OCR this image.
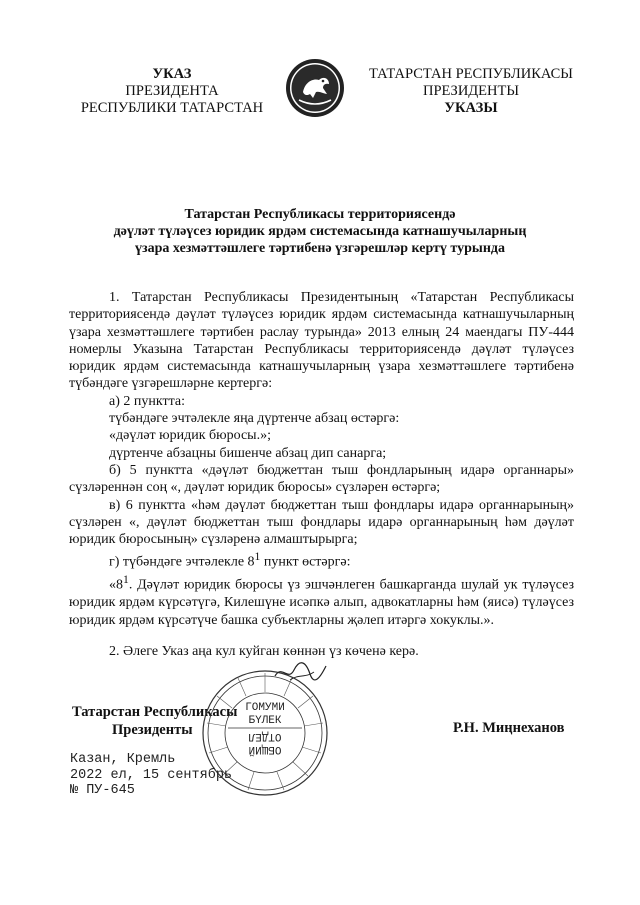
УКАЗ
ПРЕЗИДЕНТА
РЕСПУБЛИКИ ТАТАРСТАН
ТАТАРСТАН РЕСПУБЛИКАСЫ
ПРЕЗИДЕНТЫ
УКАЗЫ
Татарстан Республикасы территориясендә
дәүләт түләүсез юридик ярдәм системасында катнашучыларның
үзара хезмәттәшлеге тәртибенә үзгәрешләр кертү турында

1. Татарстан Республикасы Президентының «Татарстан Республикасы территориясендә дәүләт түләүсез юридик ярдәм системасында катнашучыларның үзара хезмәттәшлеге тәртибен раслау турында» 2013 елның 24 маендагы ПУ-444 номерлы Указына Татарстан Республикасы территориясендә дәүләт түләүсез юридик ярдәм системасында катнашучыларның үзара хезмәттәшлеге тәртибенә түбәндәге үзгәрешләрне кертергә:

а) 2 пунктта:

түбәндәге эчтәлекле яңа дүртенче абзац өстәргә:

«дәүләт юридик бюросы.»;

дүртенче абзацны бишенче абзац дип санарга;

б) 5 пунктта «дәүләт бюджеттан тыш фондларының идарә органнары» сүзләреннән соң «, дәүләт юридик бюросы» сүзләрен өстәргә;

в) 6 пунктта «һәм дәүләт бюджеттан тыш фондлары идарә органнарының» сүзләрен «, дәүләт бюджеттан тыш фондлары идарә органнарының һәм дәүләт юридик бюросының» сүзләренә алмаштырырга;

г) түбәндәге эчтәлекле $8^1$ пункт өстәргә:

«$8^1$. Дәүләт юридик бюросы үз эшчәнлеген башкарганда шулай ук түләүсез юридик ярдәм күрсәтүгә, Килешүне исәпкә алып, адвокатларны һәм (яисә) түләүсез юридик ярдәм күрсәтүче башка субъектларны җәлеп итәргә хокуклы.».

2. Әлеге Указ аңа кул куйган көннән үз көченә керә.

Татарстан Республикасы
Президенты
ГОМУМИ
БҮЛЕК
ОТДЕЛ
ОБЩИЙ
Р.Н. Миңнеханов
Казан, Кремль
2022 ел, 15 сентябрь
№ ПУ-645
